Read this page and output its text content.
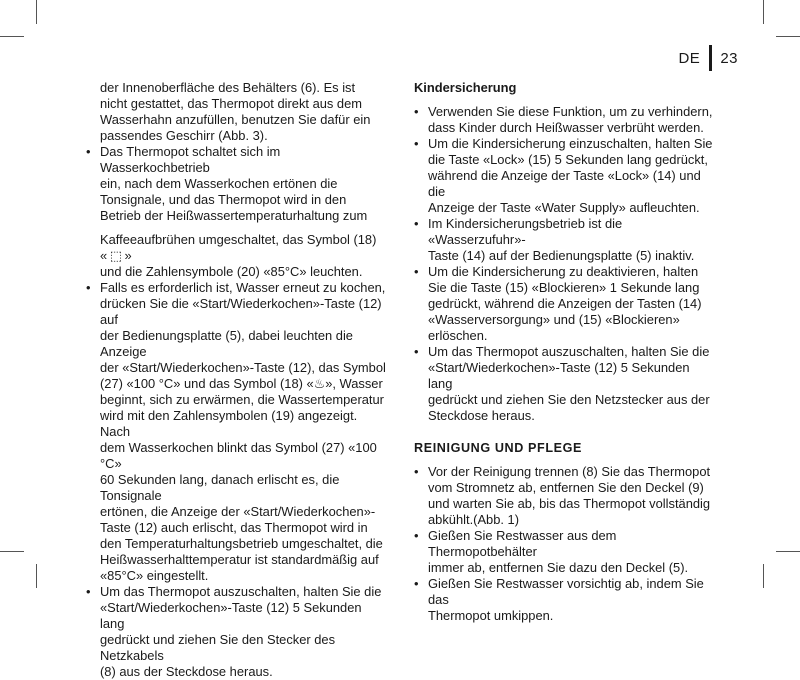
DE 23
der Innenoberfläche des Behälters (6). Es ist
nicht gestattet, das Thermopot direkt aus dem
Wasserhahn anzufüllen, benutzen Sie dafür ein
passendes Geschirr (Abb. 3).
• Das Thermopot schaltet sich im Wasserkochbetrieb
ein, nach dem Wasserkochen ertönen die
Tonsignale, und das Thermopot wird in den
Betrieb der Heißwassertemperaturhaltung zum
Kaffeeaufbrühen umgeschaltet, das Symbol (18) « ⬚ »
und die Zahlensymbole (20) «85°C» leuchten.
• Falls es erforderlich ist, Wasser erneut zu kochen,
drücken Sie die «Start/Wiederkochen»-Taste (12) auf
der Bedienungsplatte (5), dabei leuchten die Anzeige
der «Start/Wiederkochen»-Taste (12), das Symbol
(27) «100 °C» und das Symbol (18) «♨», Wasser
beginnt, sich zu erwärmen, die Wassertemperatur
wird mit den Zahlensymbolen (19) angezeigt. Nach
dem Wasserkochen blinkt das Symbol (27) «100 °C»
60 Sekunden lang, danach erlischt es, die Tonsignale
ertönen, die Anzeige der «Start/Wiederkochen»-
Taste (12) auch erlischt, das Thermopot wird in
den Temperaturhaltungsbetrieb umgeschaltet, die
Heißwasserhalttemperatur ist standardmäßig auf
«85°C» eingestellt.
• Um das Thermopot auszuschalten, halten Sie die
«Start/Wiederkochen»-Taste (12) 5 Sekunden lang
gedrückt und ziehen Sie den Stecker des Netzkabels
(8) aus der Steckdose heraus.
Kindersicherung
• Verwenden Sie diese Funktion, um zu verhindern,
dass Kinder durch Heißwasser verbrüht werden.
• Um die Kindersicherung einzuschalten, halten Sie
die Taste «Lock» (15) 5 Sekunden lang gedrückt,
während die Anzeige der Taste «Lock» (14) und die
Anzeige der Taste «Water Supply» aufleuchten.
• Im Kindersicherungsbetrieb ist die «Wasserzufuhr»-
Taste (14) auf der Bedienungsplatte (5) inaktiv.
• Um die Kindersicherung zu deaktivieren, halten
Sie die Taste (15) «Blockieren» 1 Sekunde lang
gedrückt, während die Anzeigen der Tasten (14)
«Wasserversorgung» und (15) «Blockieren»
erlöschen.
• Um das Thermopot auszuschalten, halten Sie die
«Start/Wiederkochen»-Taste (12) 5 Sekunden lang
gedrückt und ziehen Sie den Netzstecker aus der
Steckdose heraus.
REINIGUNG UND PFLEGE
• Vor der Reinigung trennen (8) Sie das Thermopot
vom Stromnetz ab, entfernen Sie den Deckel (9)
und warten Sie ab, bis das Thermopot vollständig
abkühlt.(Abb. 1)
• Gießen Sie Restwasser aus dem Thermopotbehälter
immer ab, entfernen Sie dazu den Deckel (5).
• Gießen Sie Restwasser vorsichtig ab, indem Sie das
Thermopot umkippen.
